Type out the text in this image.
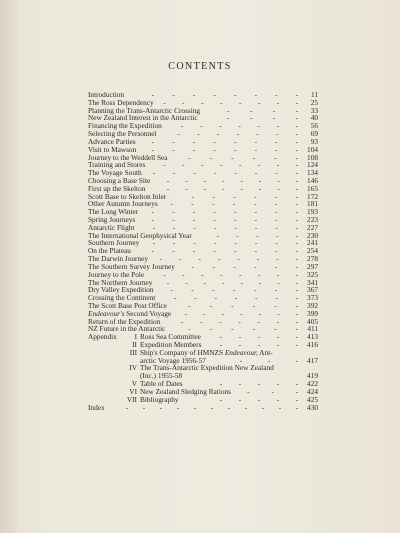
CONTENTS
Introduction	- - - - - - - - 11
The Ross Dependency - - - - - - - - 25
Planning the Trans-Antarctic Crossing	-	-	-	- 33
New Zealand Interest in the Antarctic	-	-	-	- 40
Financing the Expedition	- - - - - - - 56
Selecting the Personnel	- - - - - - - 69
Advance Parties - - - - - - - - 93
Visit to Mawson - - - - - - - - 104
Journey to the Weddell Sea	-	-	-	-	-	- 108
Training and Stores - - - - - - - - 124
The Voyage South - - - - - - - - 134
Choosing a Base Site - - - - - - - - 146
First up the Skelton	- - - - - - - - 165
Scott Base to Skelton Inlet	-	-	-	-	-	- 172
Other Autumn Journeys -	-	-	-	-	-	- 181
The Long Winter - - - - - - - - 193
Spring Journeys - - - - - - - - 223
Antarctic Flight - - - - - - - - 227
The International Geophysical Year	- - - - - 230
Southern Journey - - - - - - - - 241
On the Plateau	- - - - - - - - 254
The Darwin Journey - - - - - - - - 278
The Southern Survey Journey -	-	-	-	-	- 297
Journey to the Pole	- - - - - - - - 325
The Northern Journey - - - - - - - - 341
Dry Valley Expedition -	-	-	-	-	-	- 367
Crossing the Continent	- - - - - - - 373
The Scott Base Post Office	-	-	-	-	-	- 392
Endeavour's Second Voyage - - - - - - - 399
Return of the Expedition	- - - - - - - 405
NZ Future in the Antarctic	-	-	-	-	-	- 411
Appendix	I Ross Sea Committee	- - - - - 413
II Expedition Members	- - - - - 416
III Ship's Company of HMNZS Endeavour, Ant-
arctic Voyage 1956-57	-	-	- 417
IV The Trans-Antarctic Expedition New Zealand
(Inc.) 1955-58	419
V Table of Dates	- - - - - 422
VI New Zealand Sledging Rations -	-	- 424
VII Bibliography	- - - - - 425
Index	- - - - - - - - - - - 430
